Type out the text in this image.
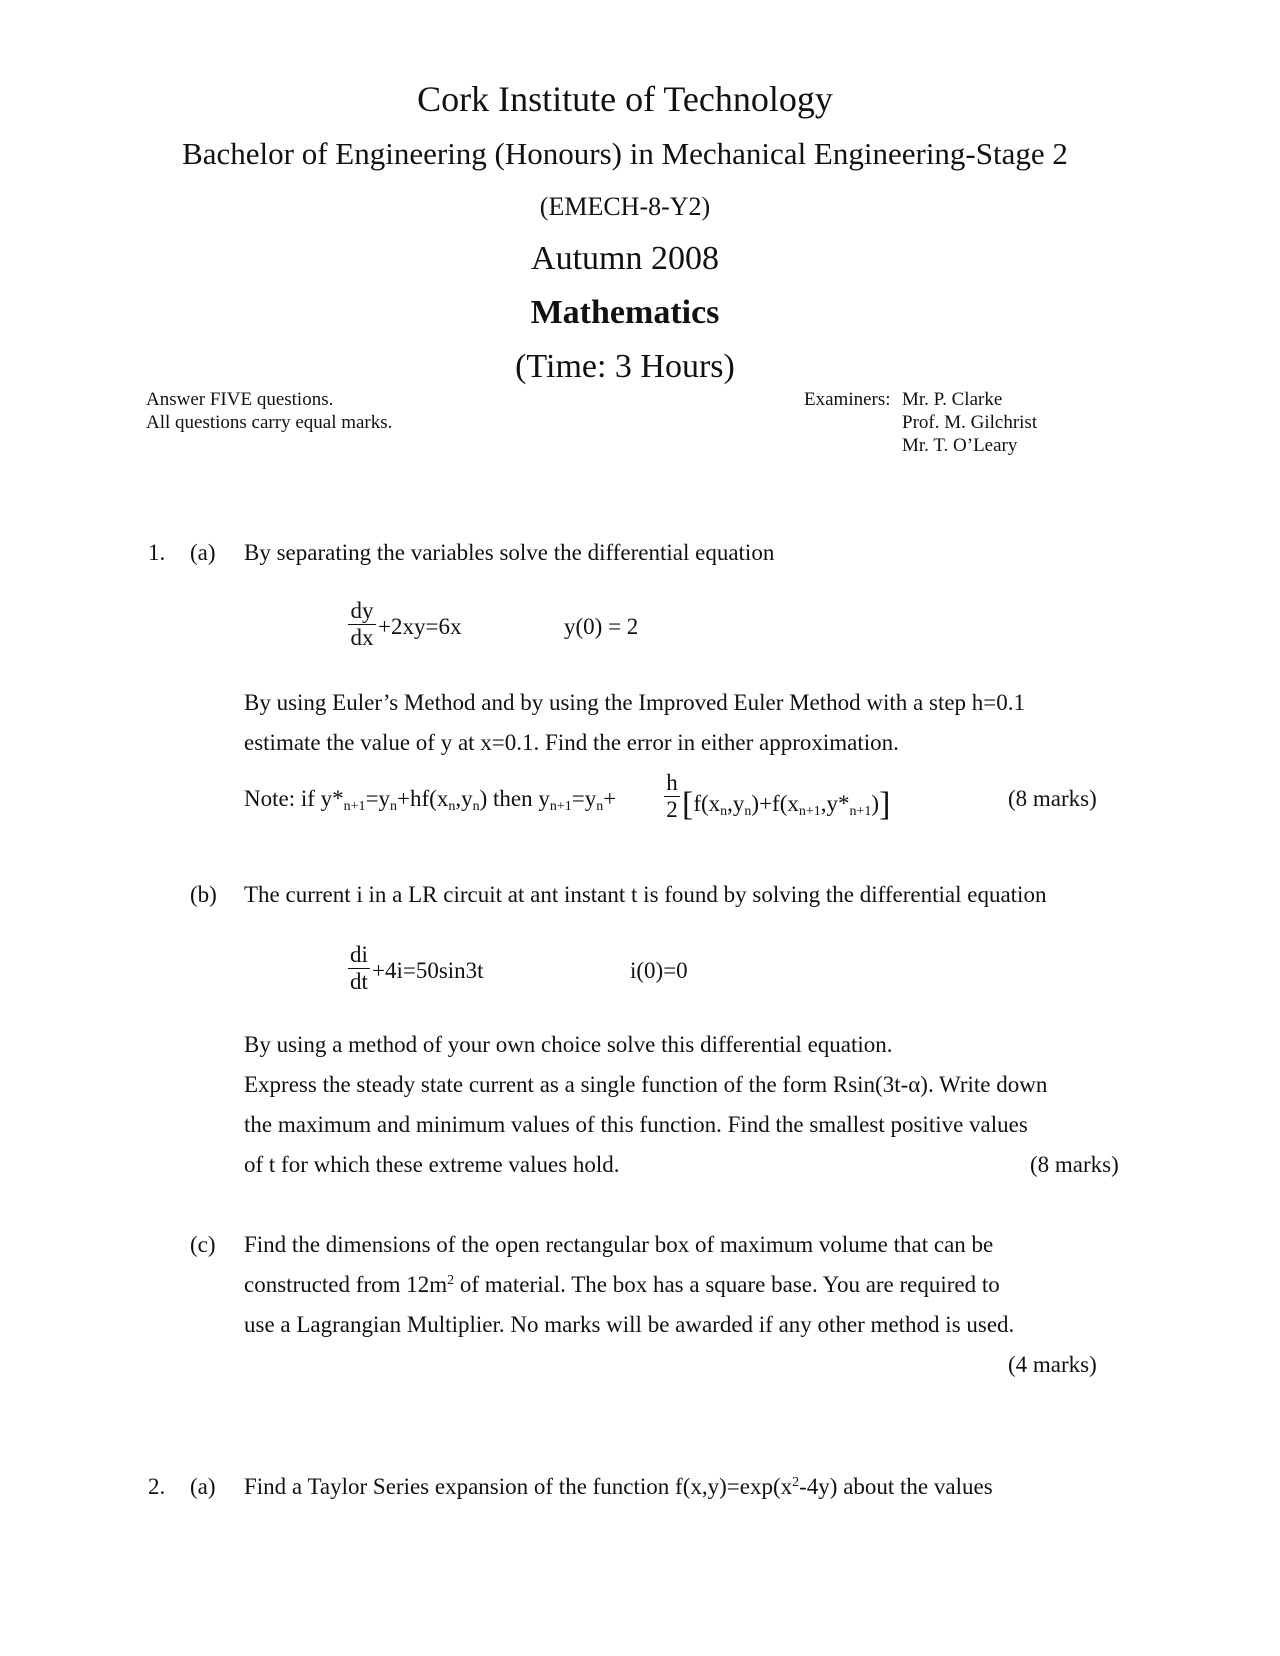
Cork Institute of Technology
Bachelor of Engineering (Honours) in Mechanical Engineering-Stage 2
(EMECH-8-Y2)
Autumn 2008
Mathematics
(Time: 3 Hours)
Answer FIVE questions.
All questions carry equal marks.
Examiners: Mr. P. Clarke
Prof. M. Gilchrist
Mr. T. O’Leary
1. (a) By separating the variables solve the differential equation
$\frac{dy}{dx} +2xy=6x$	y(0) = 2
By using Euler’s Method and by using the Improved Euler Method with a step h=0.1
estimate the value of y at x=0.1. Find the error in either approximation.
Note: if $y*_{n+1}=y_n+hf(x_n,y_n)$ then $y_{n+1}=y_n+ \frac{h}{2} [f(x_n,y_n)+f(x_{n+1},y*_{n+1})]$	(8 marks)
(b) The current i in a LR circuit at ant instant t is found by solving the differential equation
$\frac{di}{dt} +4i=50\sin 3t$	i(0)=0
By using a method of your own choice solve this differential equation.
Express the steady state current as a single function of the form Rsin(3t-α). Write down
the maximum and minimum values of this function. Find the smallest positive values
of t for which these extreme values hold.	(8 marks)
(c) Find the dimensions of the open rectangular box of maximum volume that can be
constructed from $12m^2$ of material. The box has a square base. You are required to
use a Lagrangian Multiplier. No marks will be awarded if any other method is used.
(4 marks)
2. (a) Find a Taylor Series expansion of the function $f(x,y)=\exp(x^2-4y)$ about the values
